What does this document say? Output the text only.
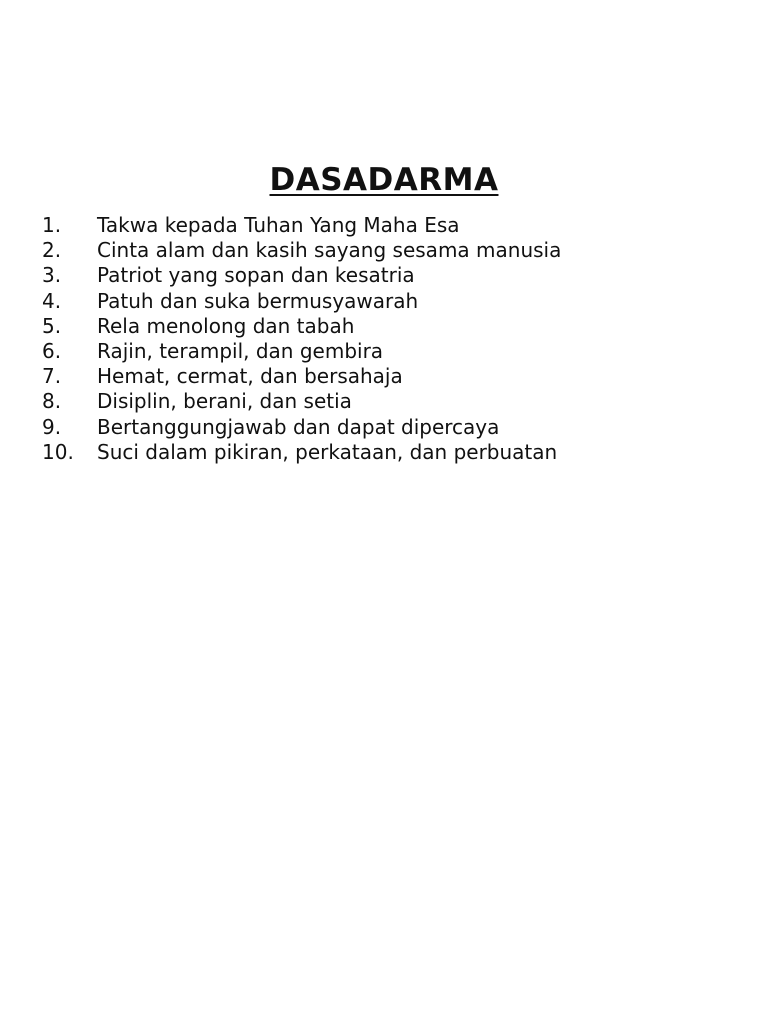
DASADARMA
1.	Takwa kepada Tuhan Yang Maha Esa
2.	Cinta alam dan kasih sayang sesama manusia
3.	Patriot yang sopan dan kesatria
4.	Patuh dan suka bermusyawarah
5.	Rela menolong dan tabah
6.	Rajin, terampil, dan gembira
7.	Hemat, cermat, dan bersahaja
8.	Disiplin, berani, dan setia
9.	Bertanggungjawab dan dapat dipercaya
10.	Suci dalam pikiran, perkataan, dan perbuatan
